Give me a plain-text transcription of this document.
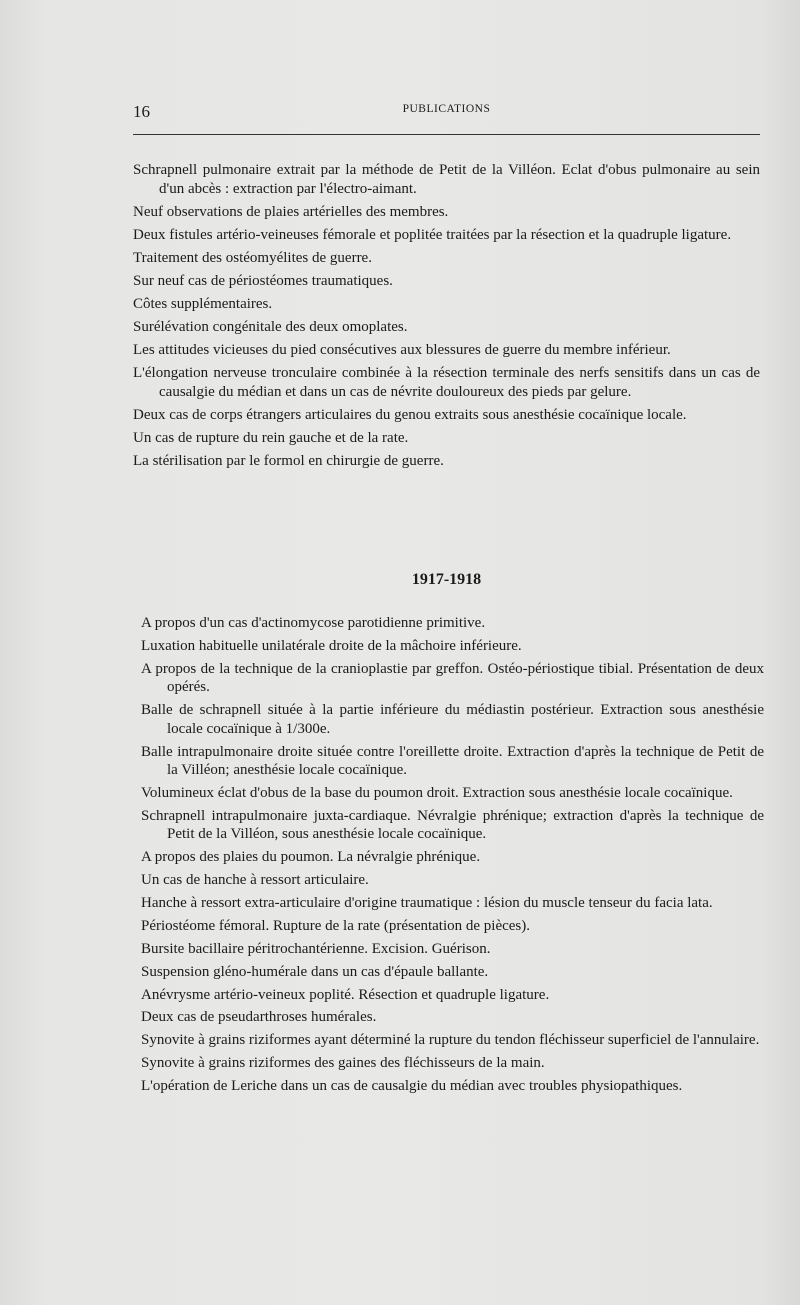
16	PUBLICATIONS

Schrapnell pulmonaire extrait par la méthode de Petit de la Villéon. Eclat d'obus pulmonaire au sein d'un abcès : extraction par l'électro-aimant.

Neuf observations de plaies artérielles des membres.

Deux fistules artério-veineuses fémorale et poplitée traitées par la résection et la quadruple ligature.

Traitement des ostéomyélites de guerre.

Sur neuf cas de périostéomes traumatiques.

Côtes supplémentaires.

Surélévation congénitale des deux omoplates.

Les attitudes vicieuses du pied consécutives aux blessures de guerre du membre inférieur.

L'élongation nerveuse tronculaire combinée à la résection terminale des nerfs sensitifs dans un cas de causalgie du médian et dans un cas de névrite douloureux des pieds par gelure.

Deux cas de corps étrangers articulaires du genou extraits sous anesthésie cocaïnique locale.

Un cas de rupture du rein gauche et de la rate.

La stérilisation par le formol en chirurgie de guerre.

1917-1918

A propos d'un cas d'actinomycose parotidienne primitive.

Luxation habituelle unilatérale droite de la mâchoire inférieure.

A propos de la technique de la cranioplastie par greffon. Ostéo-périostique tibial. Présentation de deux opérés.

Balle de schrapnell située à la partie inférieure du médiastin postérieur. Extraction sous anesthésie locale cocaïnique à 1/300e.

Balle intrapulmonaire droite située contre l'oreillette droite. Extraction d'après la technique de Petit de la Villéon; anesthésie locale cocaïnique.

Volumineux éclat d'obus de la base du poumon droit. Extraction sous anesthésie locale cocaïnique.

Schrapnell intrapulmonaire juxta-cardiaque. Névralgie phrénique; extraction d'après la technique de Petit de la Villéon, sous anesthésie locale cocaïnique.

A propos des plaies du poumon. La névralgie phrénique.

Un cas de hanche à ressort articulaire.

Hanche à ressort extra-articulaire d'origine traumatique : lésion du muscle tenseur du facia lata.

Périostéome fémoral. Rupture de la rate (présentation de pièces).

Bursite bacillaire péritrochantérienne. Excision. Guérison.

Suspension gléno-humérale dans un cas d'épaule ballante.

Anévrysme artério-veineux poplité. Résection et quadruple ligature.

Deux cas de pseudarthroses humérales.

Synovite à grains riziformes ayant déterminé la rupture du tendon fléchisseur superficiel de l'annulaire.

Synovite à grains riziformes des gaines des fléchisseurs de la main.

L'opération de Leriche dans un cas de causalgie du médian avec troubles physiopathiques.
